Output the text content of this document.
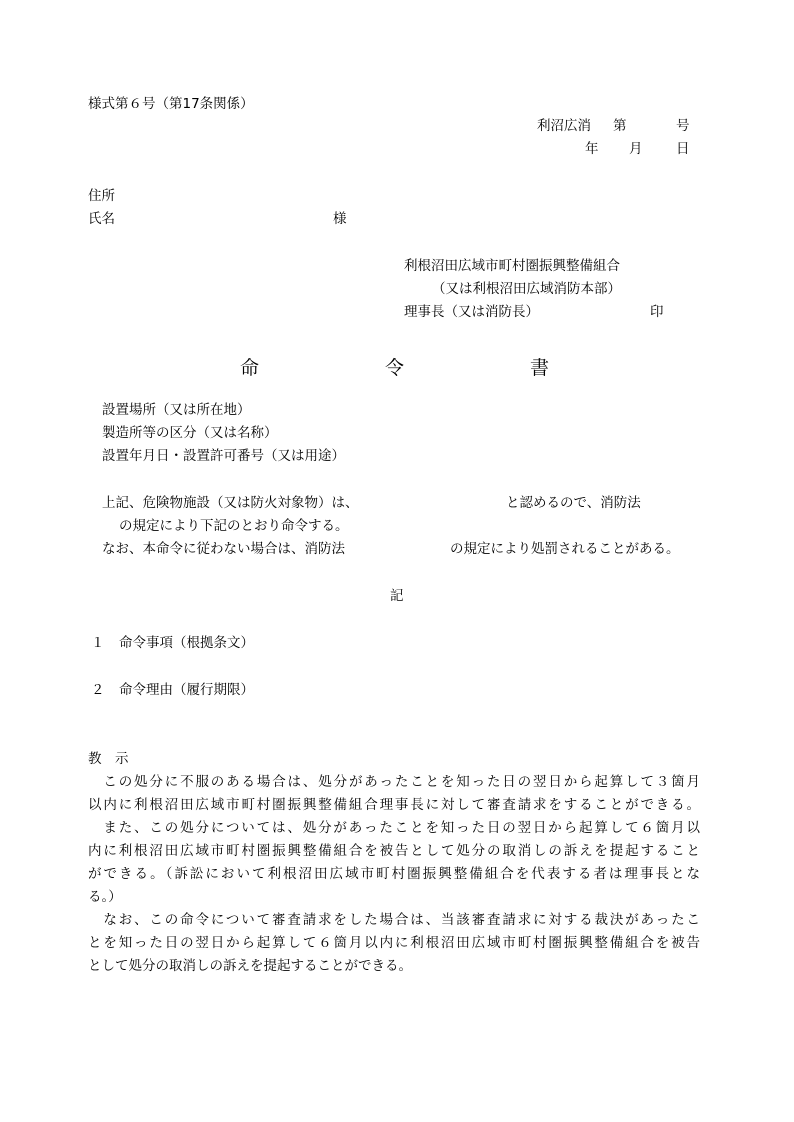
様式第６号（第17条関係）
利沼広消 第	号
年 月 日
住所
氏名	様
利根沼田広域市町村圏振興整備組合
（又は利根沼田広域消防本部）
理事長（又は消防長）	印
命	令	書
設置場所（又は所在地）
製造所等の区分（又は名称）
設置年月日・設置許可番号（又は用途）
上記、危険物施設（又は防火対象物）は、	と認めるので、消防法
の規定により下記のとおり命令する。
なお、本命令に従わない場合は、消防法	の規定により処罰されることがある。
記
１ 命令事項（根拠条文）
２ 命令理由（履行期限）
教　示
　この処分に不服のある場合は、処分があったことを知った日の翌日から起算して３箇月
以内に利根沼田広域市町村圏振興整備組合理事長に対して審査請求をすることができる。
　また、この処分については、処分があったことを知った日の翌日から起算して６箇月以
内に利根沼田広域市町村圏振興整備組合を被告として処分の取消しの訴えを提起すること
ができる。（訴訟において利根沼田広域市町村圏振興整備組合を代表する者は理事長とな
る。）
　なお、この命令について審査請求をした場合は、当該審査請求に対する裁決があったこ
とを知った日の翌日から起算して６箇月以内に利根沼田広域市町村圏振興整備組合を被告
として処分の取消しの訴えを提起することができる。
